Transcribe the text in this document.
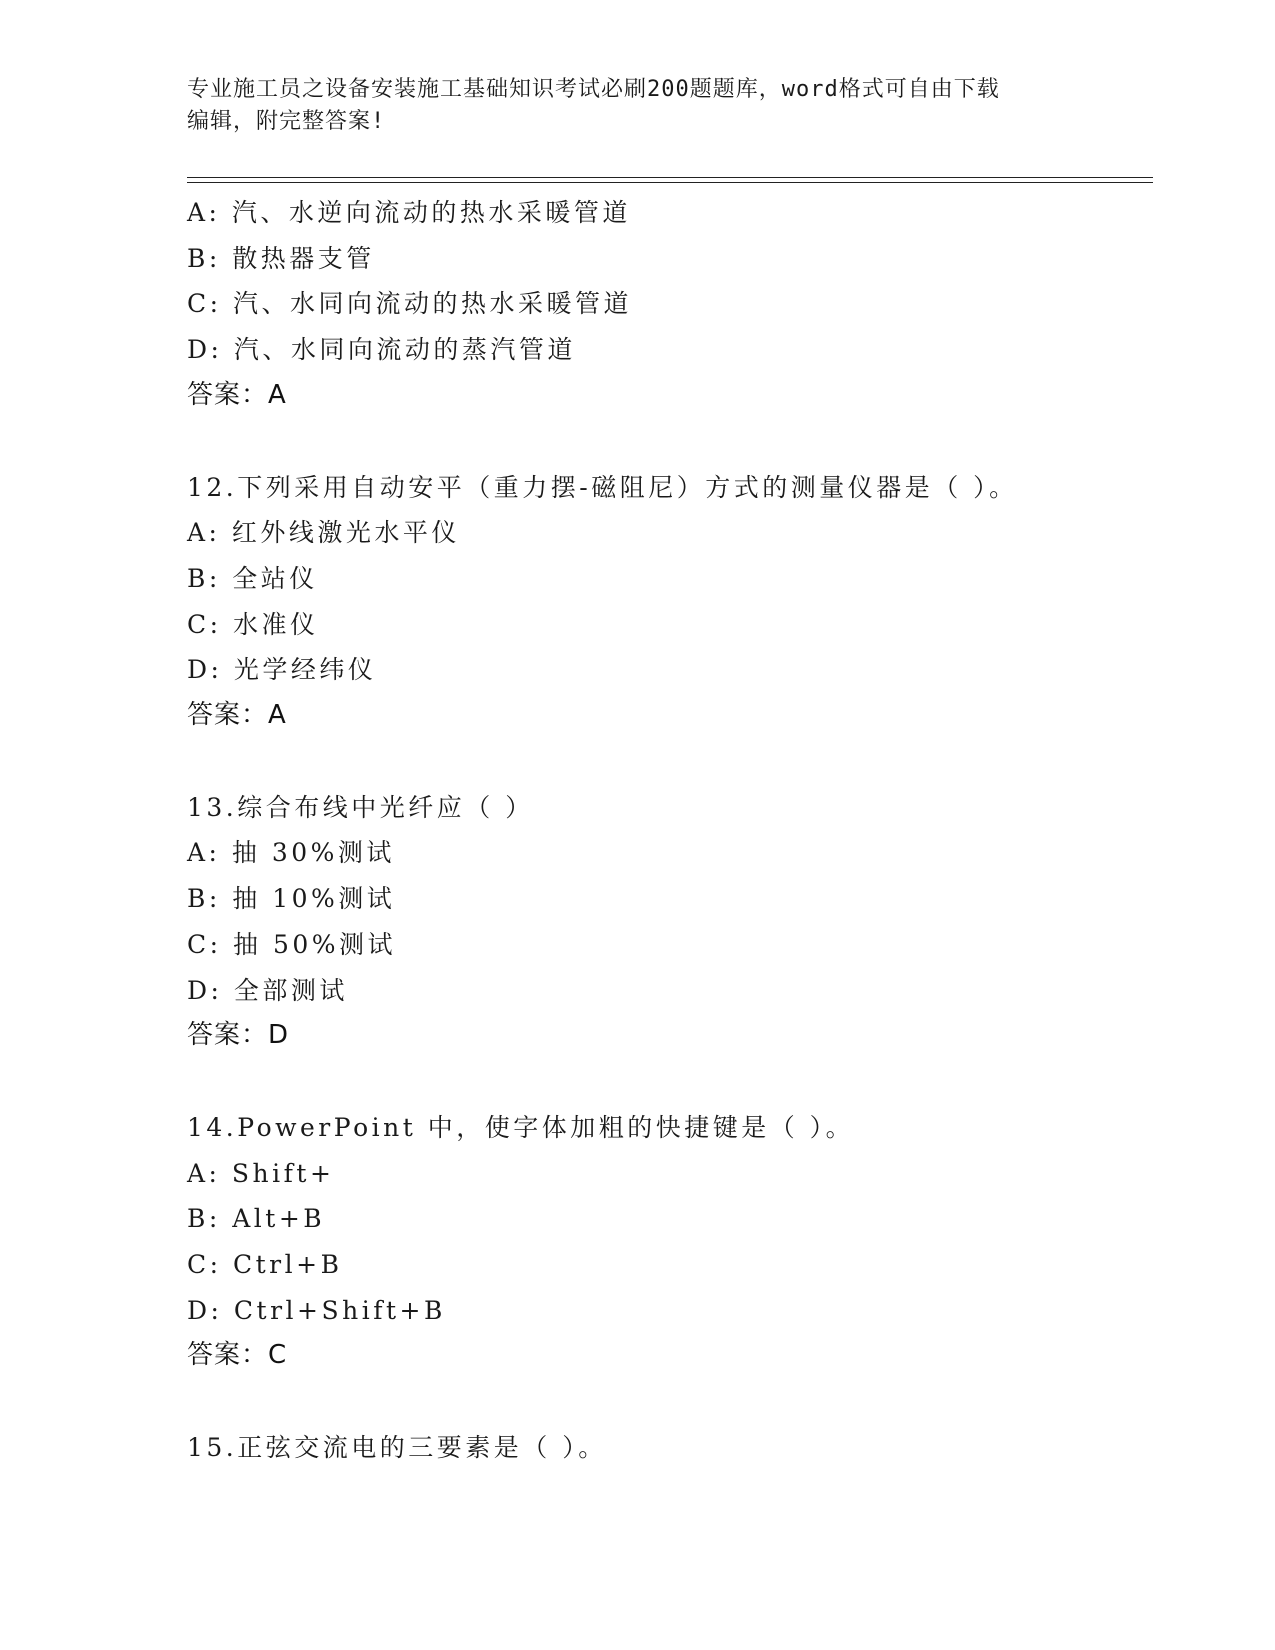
专业施工员之设备安装施工基础知识考试必刷200题题库，word格式可自由下载
编辑，附完整答案!
A: 汽、水逆向流动的热水采暖管道
B: 散热器支管
C: 汽、水同向流动的热水采暖管道
D: 汽、水同向流动的蒸汽管道
答案：A
12.下列采用自动安平（重力摆-磁阻尼）方式的测量仪器是（ ）。
A: 红外线激光水平仪
B: 全站仪
C: 水准仪
D: 光学经纬仪
答案：A
13.综合布线中光纤应（ ）
A: 抽 30%测试
B: 抽 10%测试
C: 抽 50%测试
D: 全部测试
答案：D
14.PowerPoint 中，使字体加粗的快捷键是（ ）。
A: Shift+
B: Alt+B
C: Ctrl+B
D: Ctrl+Shift+B
答案：C
15.正弦交流电的三要素是（ ）。
